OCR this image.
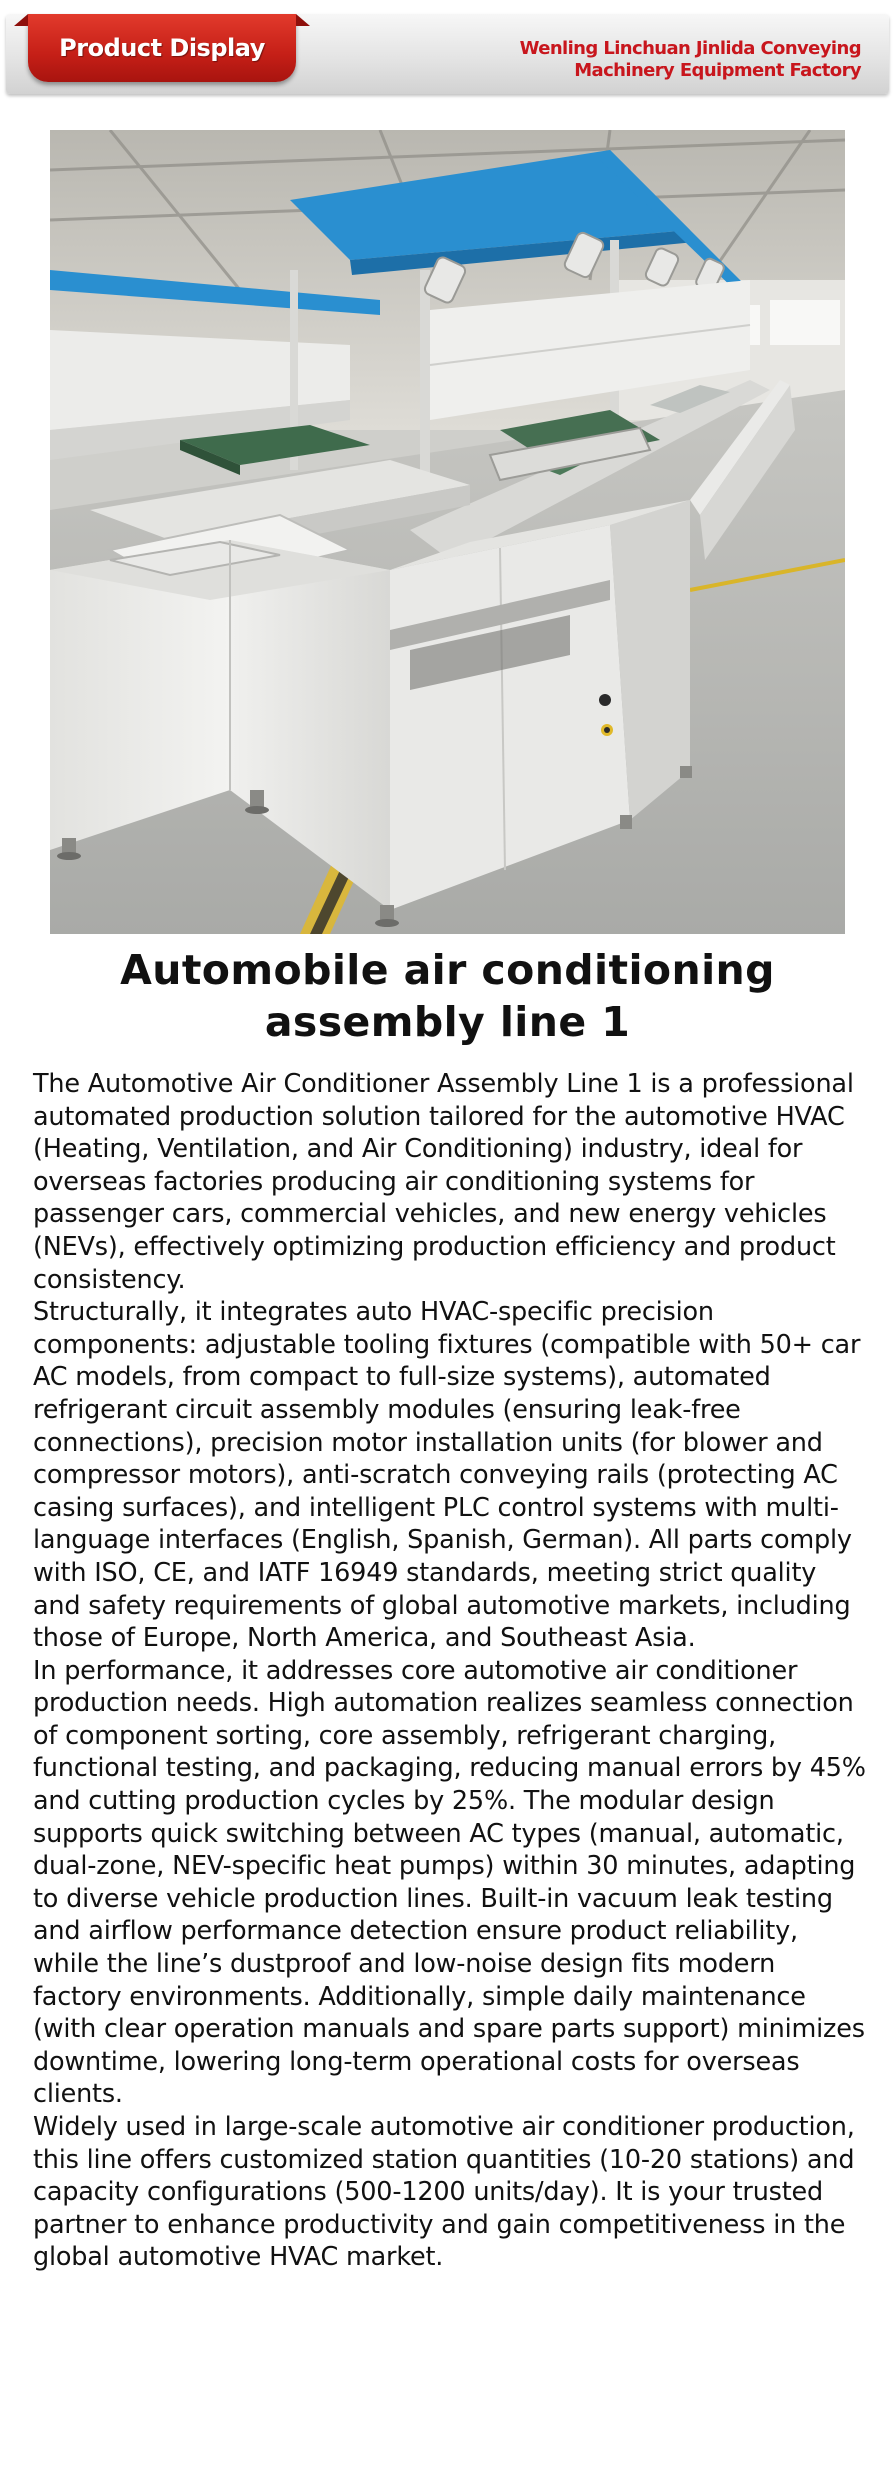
Product Display	Wenling Linchuan Jinlida Conveying
Machinery Equipment Factory
Automobile air conditioning
assembly line 1

The Automotive Air Conditioner Assembly Line 1 is a professional automated production solution tailored for the automotive HVAC (Heating, Ventilation, and Air Conditioning) industry, ideal for overseas factories producing air conditioning systems for passenger cars, commercial vehicles, and new energy vehicles (NEVs), effectively optimizing production efficiency and product consistency.

Structurally, it integrates auto HVAC-specific precision components: adjustable tooling fixtures (compatible with 50+ car AC models, from compact to full-size systems), automated refrigerant circuit assembly modules (ensuring leak-free connections), precision motor installation units (for blower and compressor motors), anti-scratch conveying rails (protecting AC casing surfaces), and intelligent PLC control systems with multi-language interfaces (English, Spanish, German). All parts comply with ISO, CE, and IATF 16949 standards, meeting strict quality and safety requirements of global automotive markets, including those of Europe, North America, and Southeast Asia.

In performance, it addresses core automotive air conditioner production needs. High automation realizes seamless connection of component sorting, core assembly, refrigerant charging, functional testing, and packaging, reducing manual errors by 45% and cutting production cycles by 25%. The modular design supports quick switching between AC types (manual, automatic, dual-zone, NEV-specific heat pumps) within 30 minutes, adapting to diverse vehicle production lines. Built-in vacuum leak testing and airflow performance detection ensure product reliability, while the line’s dustproof and low-noise design fits modern factory environments. Additionally, simple daily maintenance (with clear operation manuals and spare parts support) minimizes downtime, lowering long-term operational costs for overseas clients.

Widely used in large-scale automotive air conditioner production, this line offers customized station quantities (10-20 stations) and capacity configurations (500-1200 units/day). It is your trusted partner to enhance productivity and gain competitiveness in the global automotive HVAC market.
